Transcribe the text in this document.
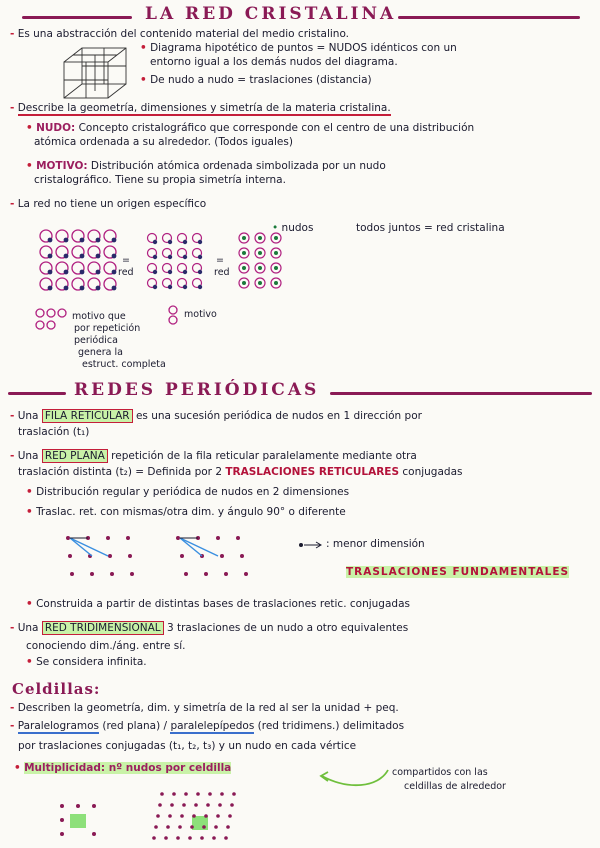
LA RED CRISTALINA
- Es una abstracción del contenido material del medio cristalino.
• Diagrama hipotético de puntos = NUDOS idénticos con un
entorno igual a los demás nudos del diagrama.
• De nudo a nudo = traslaciones (distancia)
- Describe la geometría, dimensiones y simetría de la materia cristalina.
• NUDO: Concepto cristalográfico que corresponde con el centro de una distribución
atómica ordenada a su alrededor. (Todos iguales)
• MOTIVO: Distribución atómica ordenada simbolizada por un nudo
cristalográfico. Tiene su propia simetría interna.
- La red no tiene un origen específico
=
red
=
red
• nudos	todos juntos = red cristalina
motivo que
por repetición
periódica
genera la
estruct. completa
motivo
REDES PERIÓDICAS
- Una FILA RETICULAR es una sucesión periódica de nudos en 1 dirección por
traslación (t₁)
- Una RED PLANA repetición de la fila reticular paralelamente mediante otra
traslación distinta (t₂) = Definida por 2 TRASLACIONES RETICULARES conjugadas
• Distribución regular y periódica de nudos en 2 dimensiones
• Traslac. ret. con mismas/otra dim. y ángulo 90° o diferente
: menor dimensión
TRASLACIONES FUNDAMENTALES
• Construida a partir de distintas bases de traslaciones retic. conjugadas
- Una RED TRIDIMENSIONAL 3 traslaciones de un nudo a otro equivalentes
conociendo dim./áng. entre sí.
• Se considera infinita.
Celdillas:
- Describen la geometría, dim. y simetría de la red al ser la unidad + peq.
- Paralelogramos (red plana) / paralelepípedos (red tridimens.) delimitados
por traslaciones conjugadas (t₁, t₂, t₃) y un nudo en cada vértice
• Multiplicidad: nº nudos por celdilla	compartidos con las
celdillas de alrededor
